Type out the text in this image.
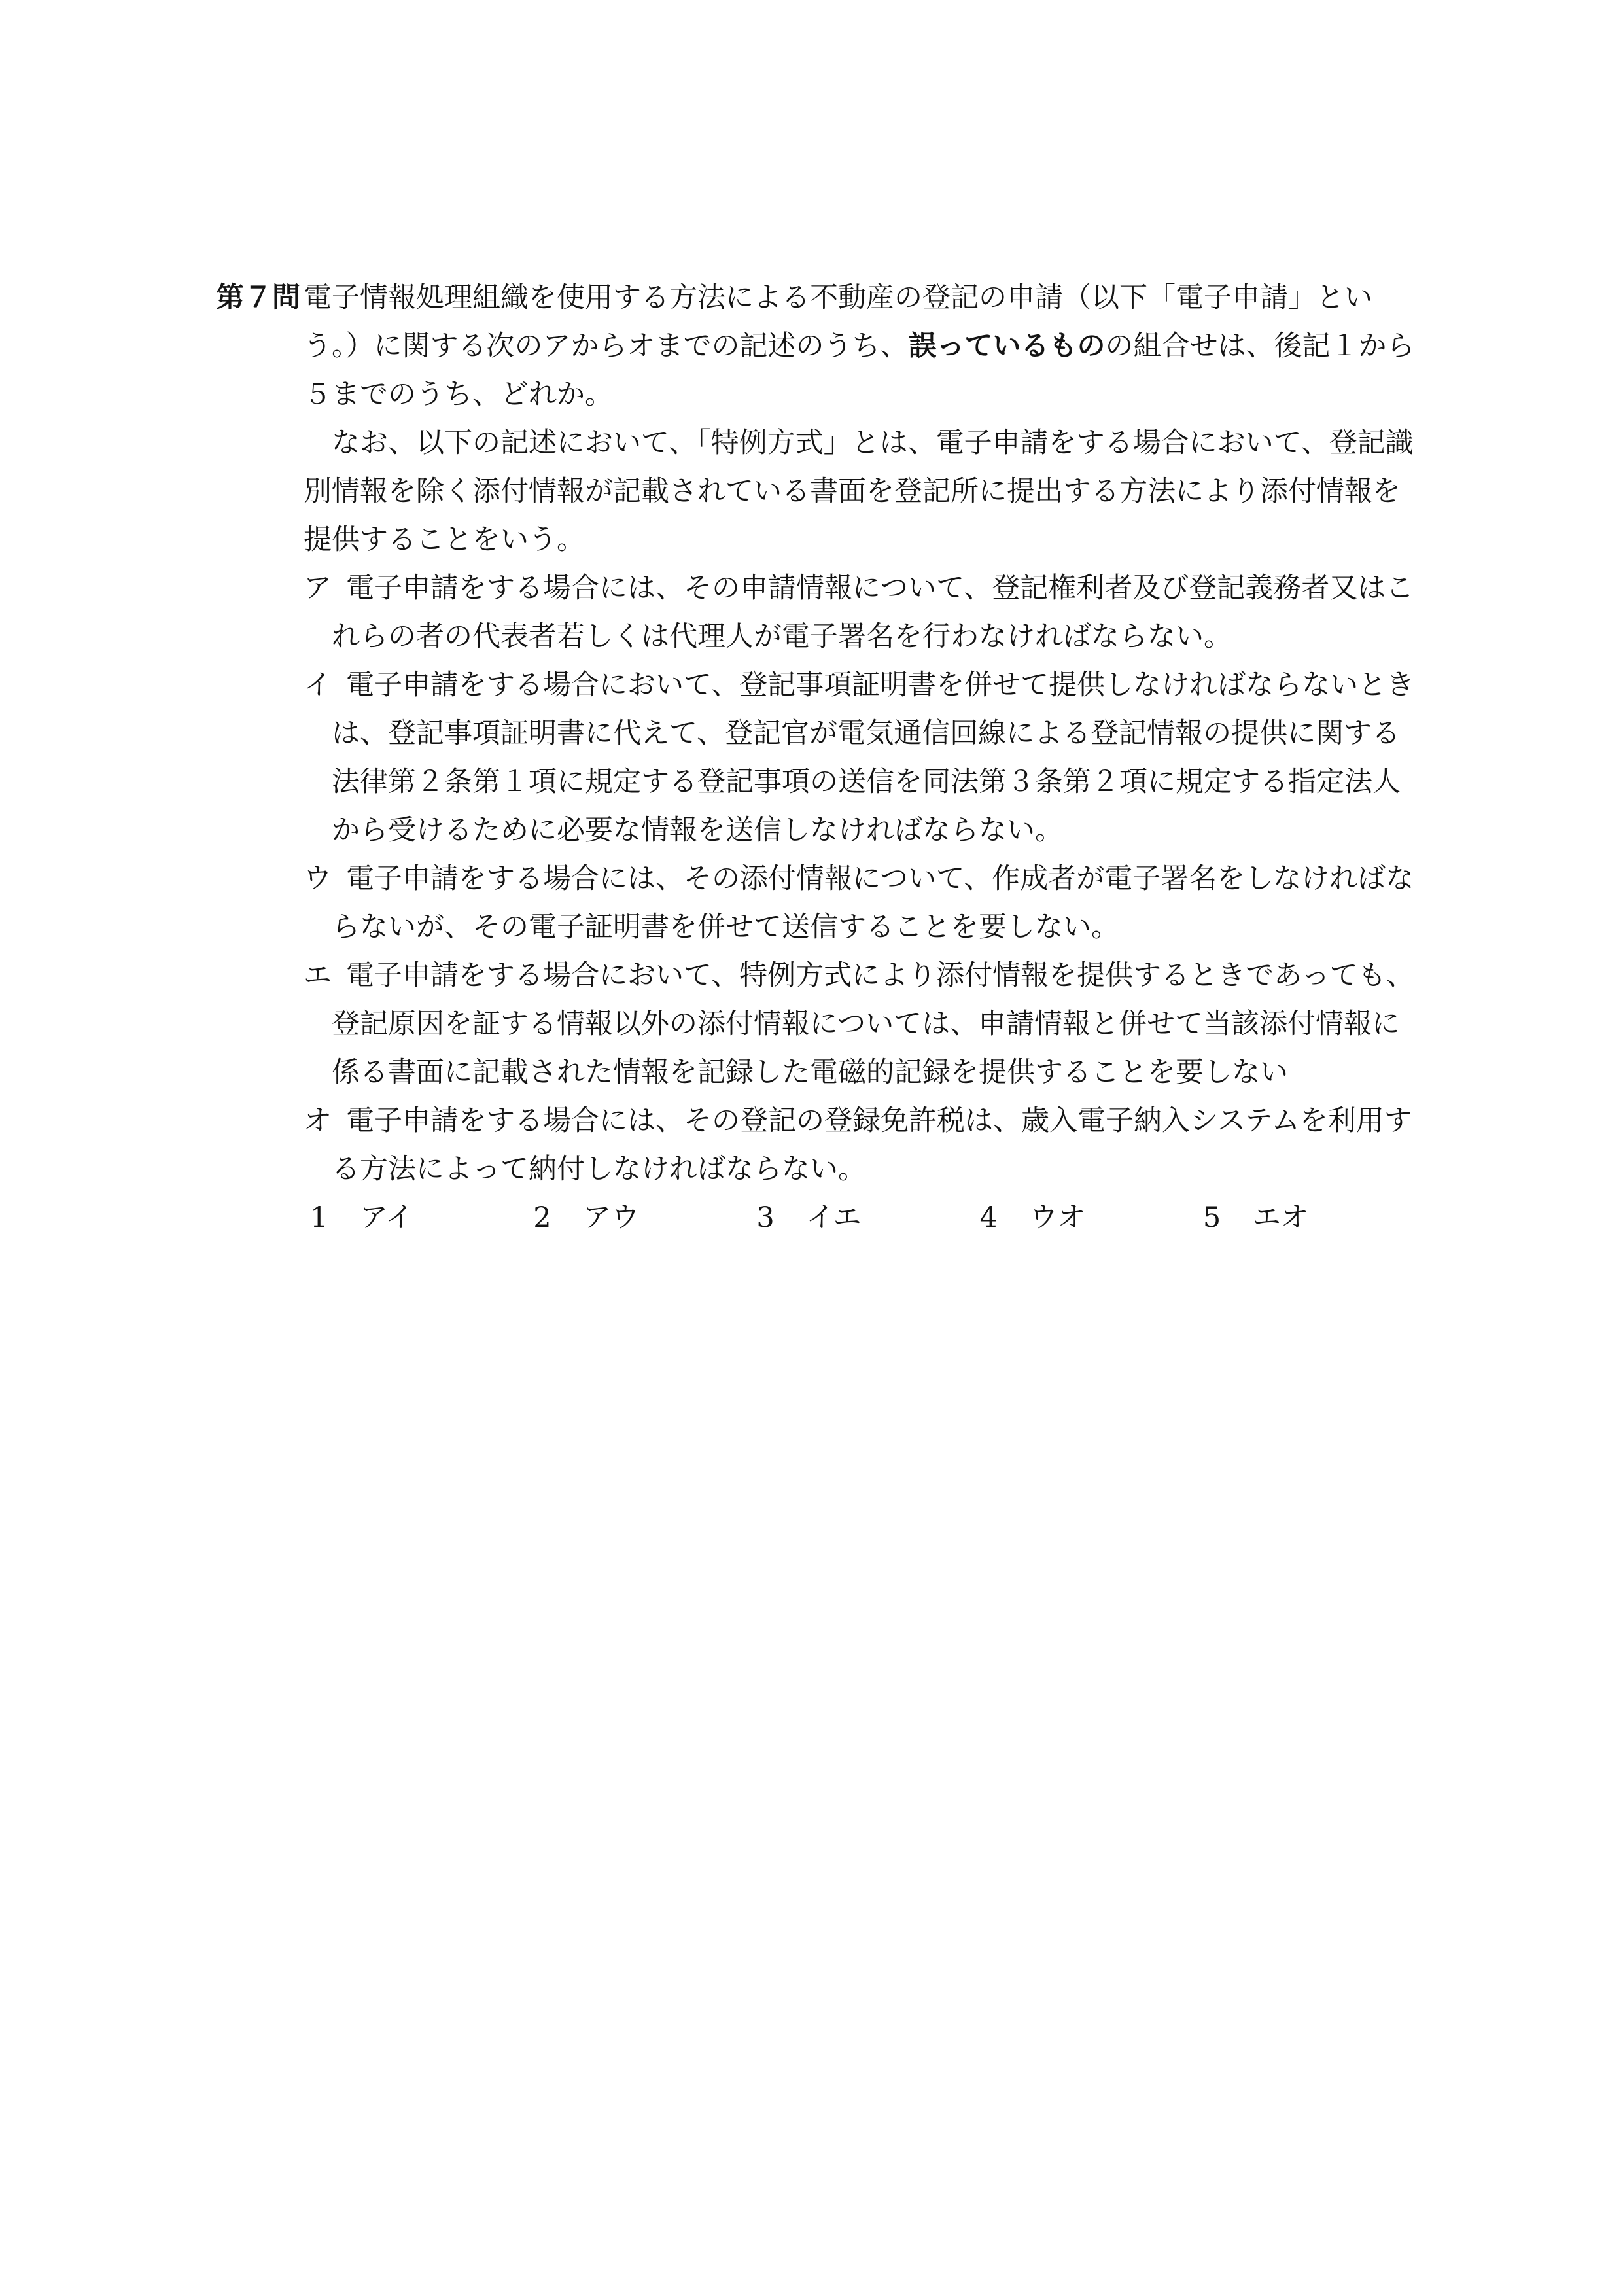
第７問 電子情報処理組織を使用する方法による不動産の登記の申請（以下「電子申請」という。）に関する次のアからオまでの記述のうち、誤っているものの組合せは、後記１から５までのうち、どれか。
なお、以下の記述において、「特例方式」とは、電子申請をする場合において、登記識別情報を除く添付情報が記載されている書面を登記所に提出する方法により添付情報を提供することをいう。
ア 電子申請をする場合には、その申請情報について、登記権利者及び登記義務者又はこれらの者の代表者若しくは代理人が電子署名を行わなければならない。
イ 電子申請をする場合において、登記事項証明書を併せて提供しなければならないときは、登記事項証明書に代えて、登記官が電気通信回線による登記情報の提供に関する法律第２条第１項に規定する登記事項の送信を同法第３条第２項に規定する指定法人から受けるために必要な情報を送信しなければならない。
ウ 電子申請をする場合には、その添付情報について、作成者が電子署名をしなければならないが、その電子証明書を併せて送信することを要しない。
エ 電子申請をする場合において、特例方式により添付情報を提供するときであっても、登記原因を証する情報以外の添付情報については、申請情報と併せて当該添付情報に係る書面に記載された情報を記録した電磁的記録を提供することを要しない
オ 電子申請をする場合には、その登記の登録免許税は、歳入電子納入システムを利用する方法によって納付しなければならない。
1 アイ	2 アウ	3 イエ	4 ウオ	5 エオ
